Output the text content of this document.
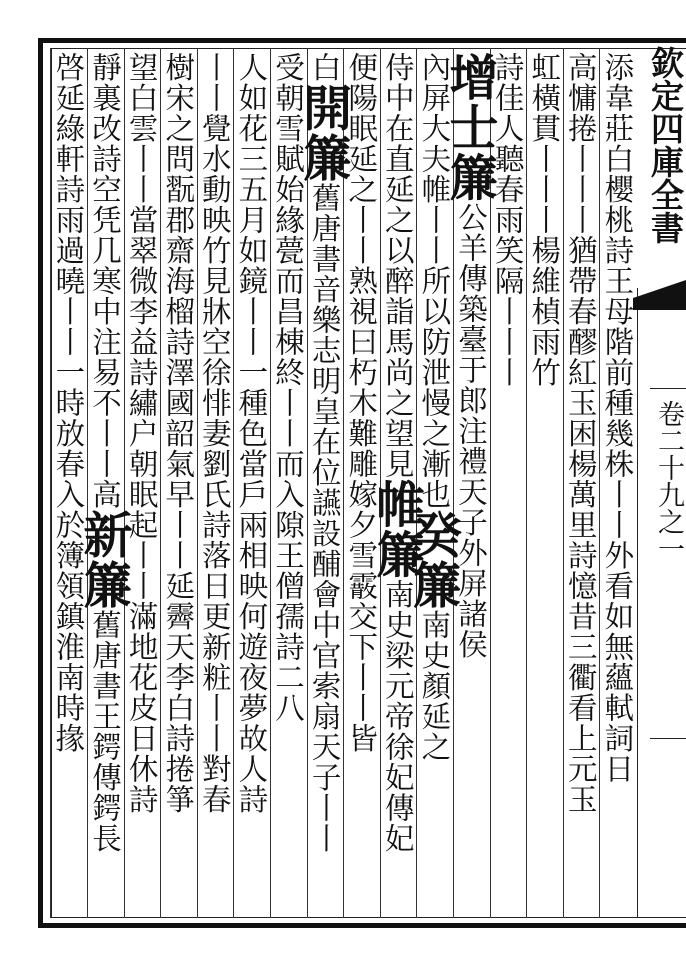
欽定四庫全書
卷二十九之一
添韋莊白櫻桃詩王母階前種幾株丨丨外看如無蘊軾詞日
高慵捲丨丨丨猶帶春醪紅玉困楊萬里詩憶昔三衢看上元玉
虹橫貫丨丨丨楊維楨雨竹
詩佳人聽春雨笑隔丨丨丨
增士簾公羊傳築臺于郎注禮天子外屏諸侯
內屏大夫帷丨丨所以防泄慢之漸也癸簾南史顏延之
侍中在直延之以醉詣馬尚之望見帷簾南史梁元帝徐妃傳妃
便陽眠延之丨丨熟視曰朽木難雕嫁夕雪霰交下丨丨皆
白開簾舊唐書音樂志明皇在位讌設酺會中官索扇天子丨丨
受朝雪賦始緣甍而昌棟終丨丨而入隙王僧孺詩二八
人如花三五月如鏡丨丨一種色當戶兩相映何遊夜夢故人詩
丨丨覺水動映竹見牀空徐悱妻劉氏詩落日更新粧丨丨對春
樹宋之問翫郡齋海榴詩澤國韶氣早丨丨延霽天李白詩捲箏
望白雲丨丨當翠微李益詩繡户朝眠起丨丨滿地花皮日休詩
靜裏改詩空凭几寒中注易不丨丨高新簾舊唐書王鍔傳鍔長
啓延綠軒詩雨過曉丨丨一時放春入於簿領鎮淮南時掾
